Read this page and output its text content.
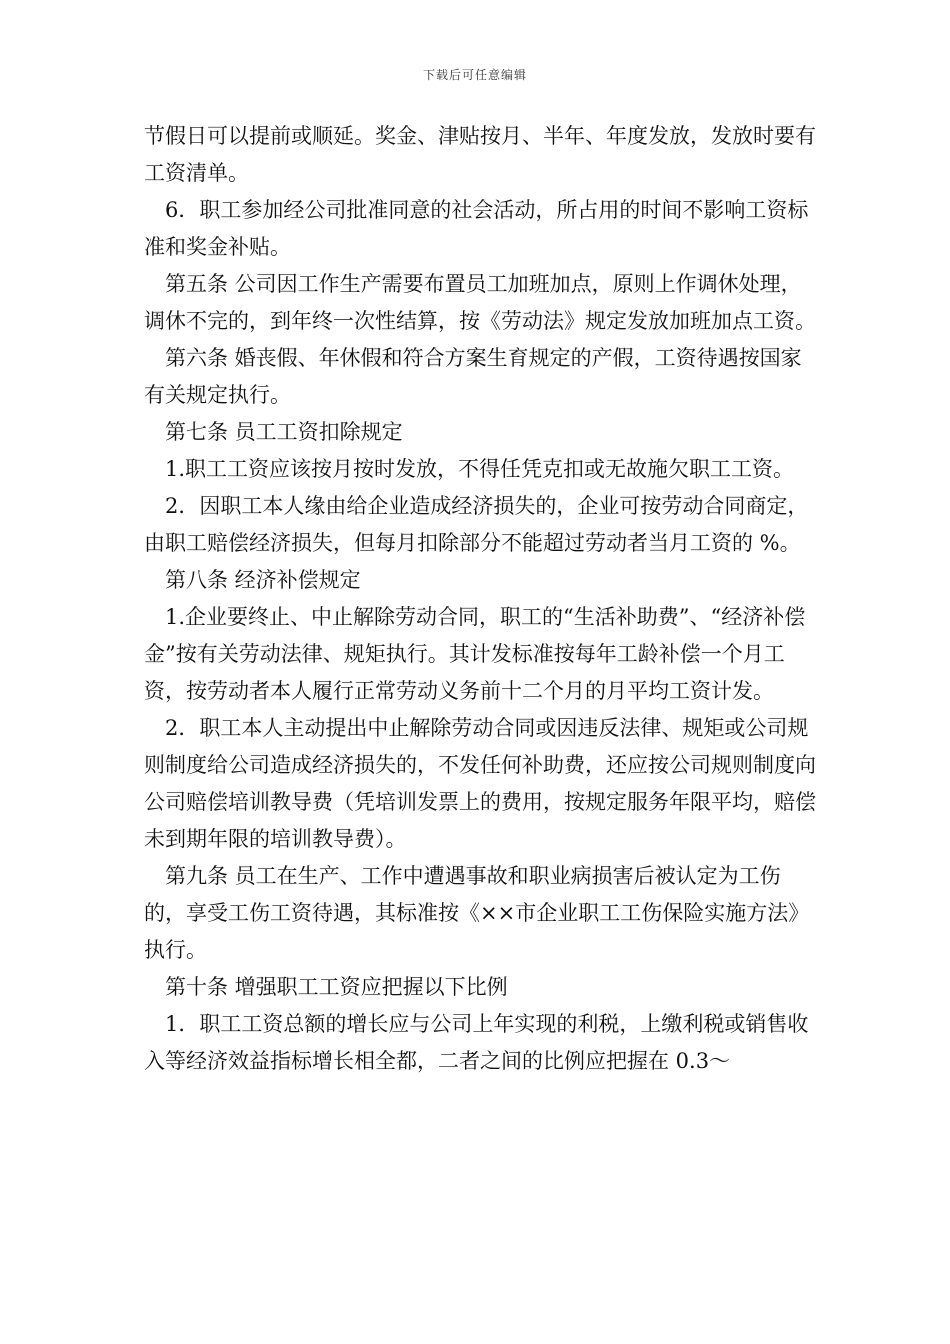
下载后可任意编辑

节假日可以提前或顺延。奖金、津贴按月、半年、年度发放，发放时要有工资清单。

6．职工参加经公司批准同意的社会活动，所占用的时间不影响工资标准和奖金补贴。

第五条 公司因工作生产需要布置员工加班加点，原则上作调休处理，调休不完的，到年终一次性结算，按《劳动法》规定发放加班加点工资。

第六条 婚丧假、年休假和符合方案生育规定的产假，工资待遇按国家有关规定执行。

第七条 员工工资扣除规定

1.职工工资应该按月按时发放，不得任凭克扣或无故施欠职工工资。

2．因职工本人缘由给企业造成经济损失的，企业可按劳动合同商定，由职工赔偿经济损失，但每月扣除部分不能超过劳动者当月工资的 %。

第八条 经济补偿规定

1.企业要终止、中止解除劳动合同，职工的“生活补助费”、“经济补偿金”按有关劳动法律、规矩执行。其计发标准按每年工龄补偿一个月工资，按劳动者本人履行正常劳动义务前十二个月的月平均工资计发。

2．职工本人主动提出中止解除劳动合同或因违反法律、规矩或公司规则制度给公司造成经济损失的，不发任何补助费，还应按公司规则制度向公司赔偿培训教导费（凭培训发票上的费用，按规定服务年限平均，赔偿未到期年限的培训教导费）。

第九条 员工在生产、工作中遭遇事故和职业病损害后被认定为工伤的，享受工伤工资待遇，其标准按《××市企业职工工伤保险实施方法》执行。

第十条 增强职工工资应把握以下比例

1．职工工资总额的增长应与公司上年实现的利税，上缴利税或销售收入等经济效益指标增长相全都，二者之间的比例应把握在 0.3～
